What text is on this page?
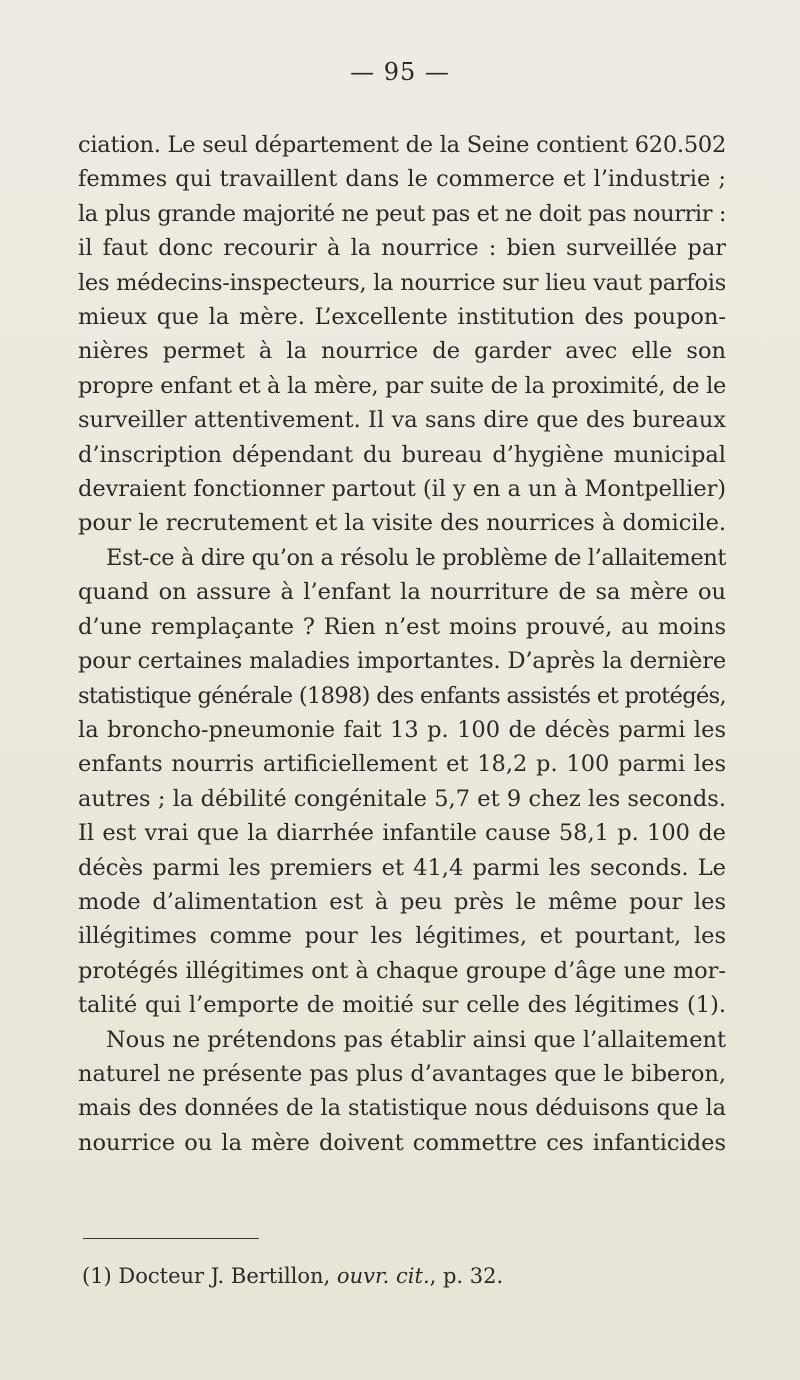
— 95 —

ciation. Le seul département de la Seine contient 620.502
femmes qui travaillent dans le commerce et l’industrie ;
la plus grande majorité ne peut pas et ne doit pas nourrir :
il faut donc recourir à la nourrice : bien surveillée par
les médecins-inspecteurs, la nourrice sur lieu vaut parfois
mieux que la mère. L’excellente institution des poupon-
nières permet à la nourrice de garder avec elle son
propre enfant et à la mère, par suite de la proximité, de le
surveiller attentivement. Il va sans dire que des bureaux
d’inscription dépendant du bureau d’hygiène municipal
devraient fonctionner partout (il y en a un à Montpellier)
pour le recrutement et la visite des nourrices à domicile.
Est-ce à dire qu’on a résolu le problème de l’allaitement
quand on assure à l’enfant la nourriture de sa mère ou
d’une remplaçante ? Rien n’est moins prouvé, au moins
pour certaines maladies importantes. D’après la dernière
statistique générale (1898) des enfants assistés et protégés,
la broncho-pneumonie fait 13 p. 100 de décès parmi les
enfants nourris artificiellement et 18,2 p. 100 parmi les
autres ; la débilité congénitale 5,7 et 9 chez les seconds.
Il est vrai que la diarrhée infantile cause 58,1 p. 100 de
décès parmi les premiers et 41,4 parmi les seconds. Le
mode d’alimentation est à peu près le même pour les
illégitimes comme pour les légitimes, et pourtant, les
protégés illégitimes ont à chaque groupe d’âge une mor-
talité qui l’emporte de moitié sur celle des légitimes (1).
Nous ne prétendons pas établir ainsi que l’allaitement
naturel ne présente pas plus d’avantages que le biberon,
mais des données de la statistique nous déduisons que la
nourrice ou la mère doivent commettre ces infanticides

(1) Docteur J. Bertillon, ouvr. cit., p. 32.
